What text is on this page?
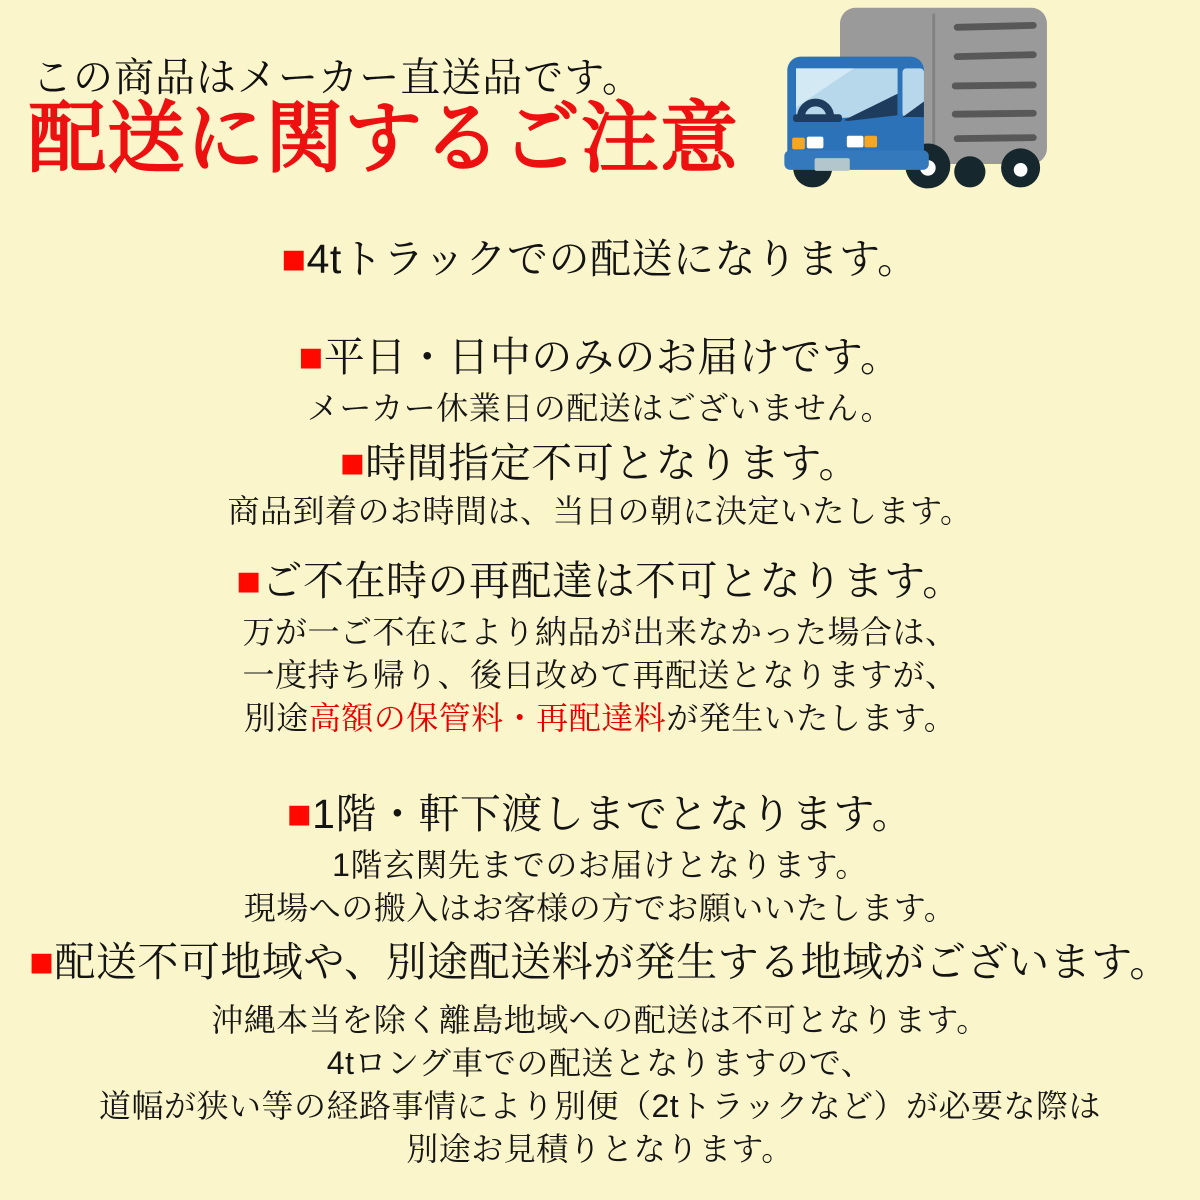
この商品はメーカー直送品です。
配送に関するご注意
■4tトラックでの配送になります。
■平日・日中のみのお届けです。
メーカー休業日の配送はございません。
■時間指定不可となります。
商品到着のお時間は、当日の朝に決定いたします。
■ご不在時の再配達は不可となります。
万が一ご不在により納品が出来なかった場合は、
一度持ち帰り、後日改めて再配送となりますが、
別途高額の保管料・再配達料が発生いたします。
■1階・軒下渡しまでとなります。
1階玄関先までのお届けとなります。
現場への搬入はお客様の方でお願いいたします。
■配送不可地域や、別途配送料が発生する地域がございます。
沖縄本当を除く離島地域への配送は不可となります。
4tロング車での配送となりますので、
道幅が狭い等の経路事情により別便（2tトラックなど）が必要な際は
別途お見積りとなります。
